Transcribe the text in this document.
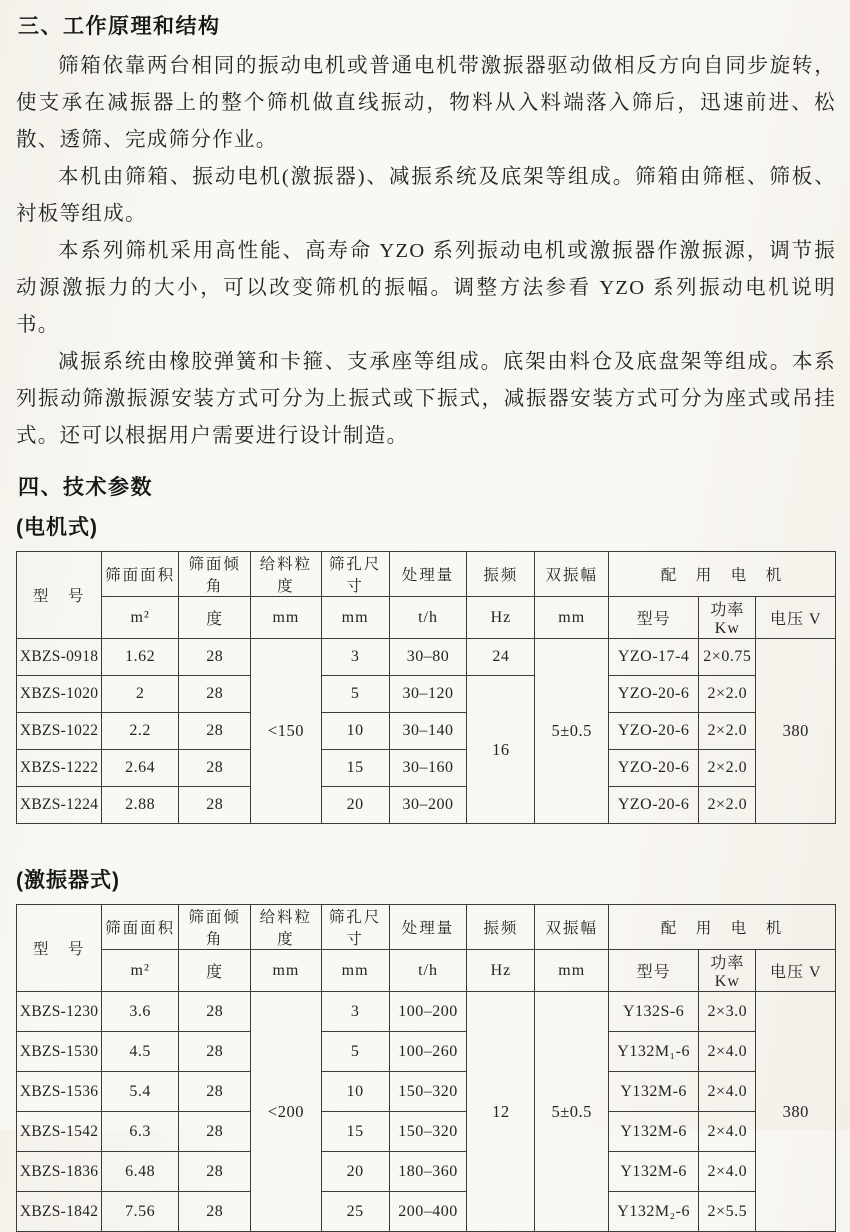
三、工作原理和结构

筛箱依靠两台相同的振动电机或普通电机带激振器驱动做相反方向自同步旋转，使支承在减振器上的整个筛机做直线振动，物料从入料端落入筛后，迅速前进、松散、透筛、完成筛分作业。

本机由筛箱、振动电机(激振器)、减振系统及底架等组成。筛箱由筛框、筛板、衬板等组成。

本系列筛机采用高性能、高寿命 YZO 系列振动电机或激振器作激振源，调节振动源激振力的大小，可以改变筛机的振幅。调整方法参看 YZO 系列振动电机说明书。

减振系统由橡胶弹簧和卡箍、支承座等组成。底架由料仓及底盘架等组成。本系列振动筛激振源安装方式可分为上振式或下振式，减振器安装方式可分为座式或吊挂式。还可以根据用户需要进行设计制造。

四、技术参数
(电机式)
型　号	筛面面积	筛面倾角	给料粒度	筛孔尺寸	处理量	振频	双振幅	配　用　电　机		
	m²	度	mm	mm	t/h	Hz	mm	型号	功率 Kw	电压 V
XBZS-0918	1.62	28	<150	3	30–80	24	5±0.5	YZO-17-4	2×0.75	380
XBZS-1020	2	28		5	30–120	16		YZO-20-6	2×2.0	
XBZS-1022	2.2	28		10	30–140			YZO-20-6	2×2.0	
XBZS-1222	2.64	28		15	30–160			YZO-20-6	2×2.0	
XBZS-1224	2.88	28		20	30–200			YZO-20-6	2×2.0	
(激振器式)
型　号	筛面面积	筛面倾角	给料粒度	筛孔尺寸	处理量	振频	双振幅	配　用　电　机		
	m²	度	mm	mm	t/h	Hz	mm	型号	功率 Kw	电压 V
XBZS-1230	3.6	28	<200	3	100–200	12	5±0.5	Y132S-6	2×3.0	380
XBZS-1530	4.5	28		5	100–260			Y132M₁-6	2×4.0	
XBZS-1536	5.4	28		10	150–320			Y132M-6	2×4.0	
XBZS-1542	6.3	28		15	150–320			Y132M-6	2×4.0	
XBZS-1836	6.48	28		20	180–360			Y132M-6	2×4.0	
XBZS-1842	7.56	28		25	200–400			Y132M₂-6	2×5.5	
